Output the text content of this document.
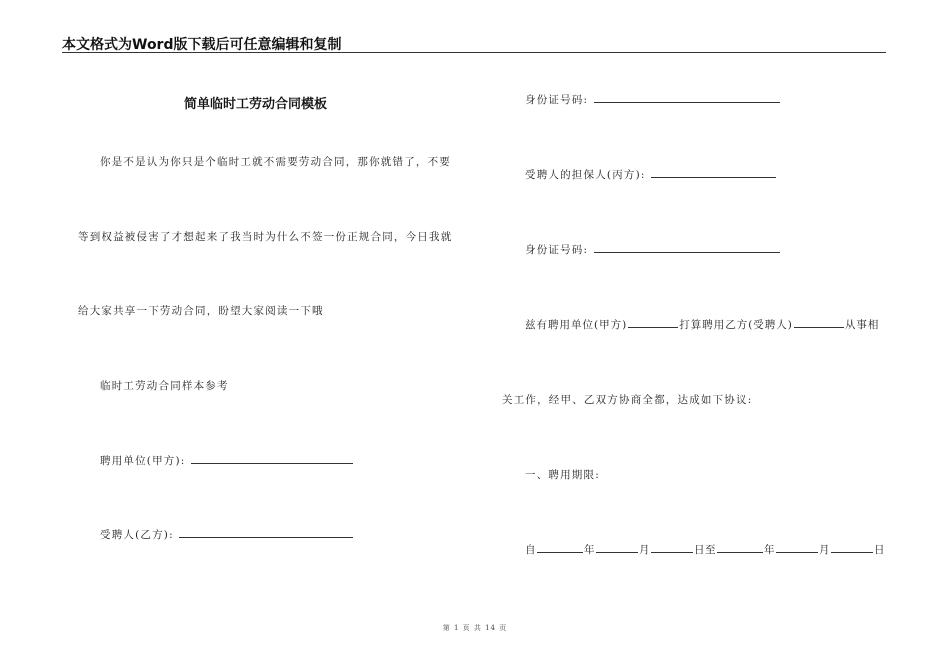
本文格式为Word版下载后可任意编辑和复制
简单临时工劳动合同模板
你是不是认为你只是个临时工就不需要劳动合同，那你就错了，不要
等到权益被侵害了才想起来了我当时为什么不签一份正规合同，今日我就
给大家共享一下劳动合同，盼望大家阅读一下哦
临时工劳动合同样本参考
聘用单位(甲方):
受聘人(乙方):
身份证号码:
受聘人的担保人(丙方):
身份证号码:
兹有聘用单位(甲方)	打算聘用乙方(受聘人)	从事相
关工作，经甲、乙双方协商全都，达成如下协议:
一、聘用期限:
自	年	月	日至	年	月	日
第 1 页 共 14 页
